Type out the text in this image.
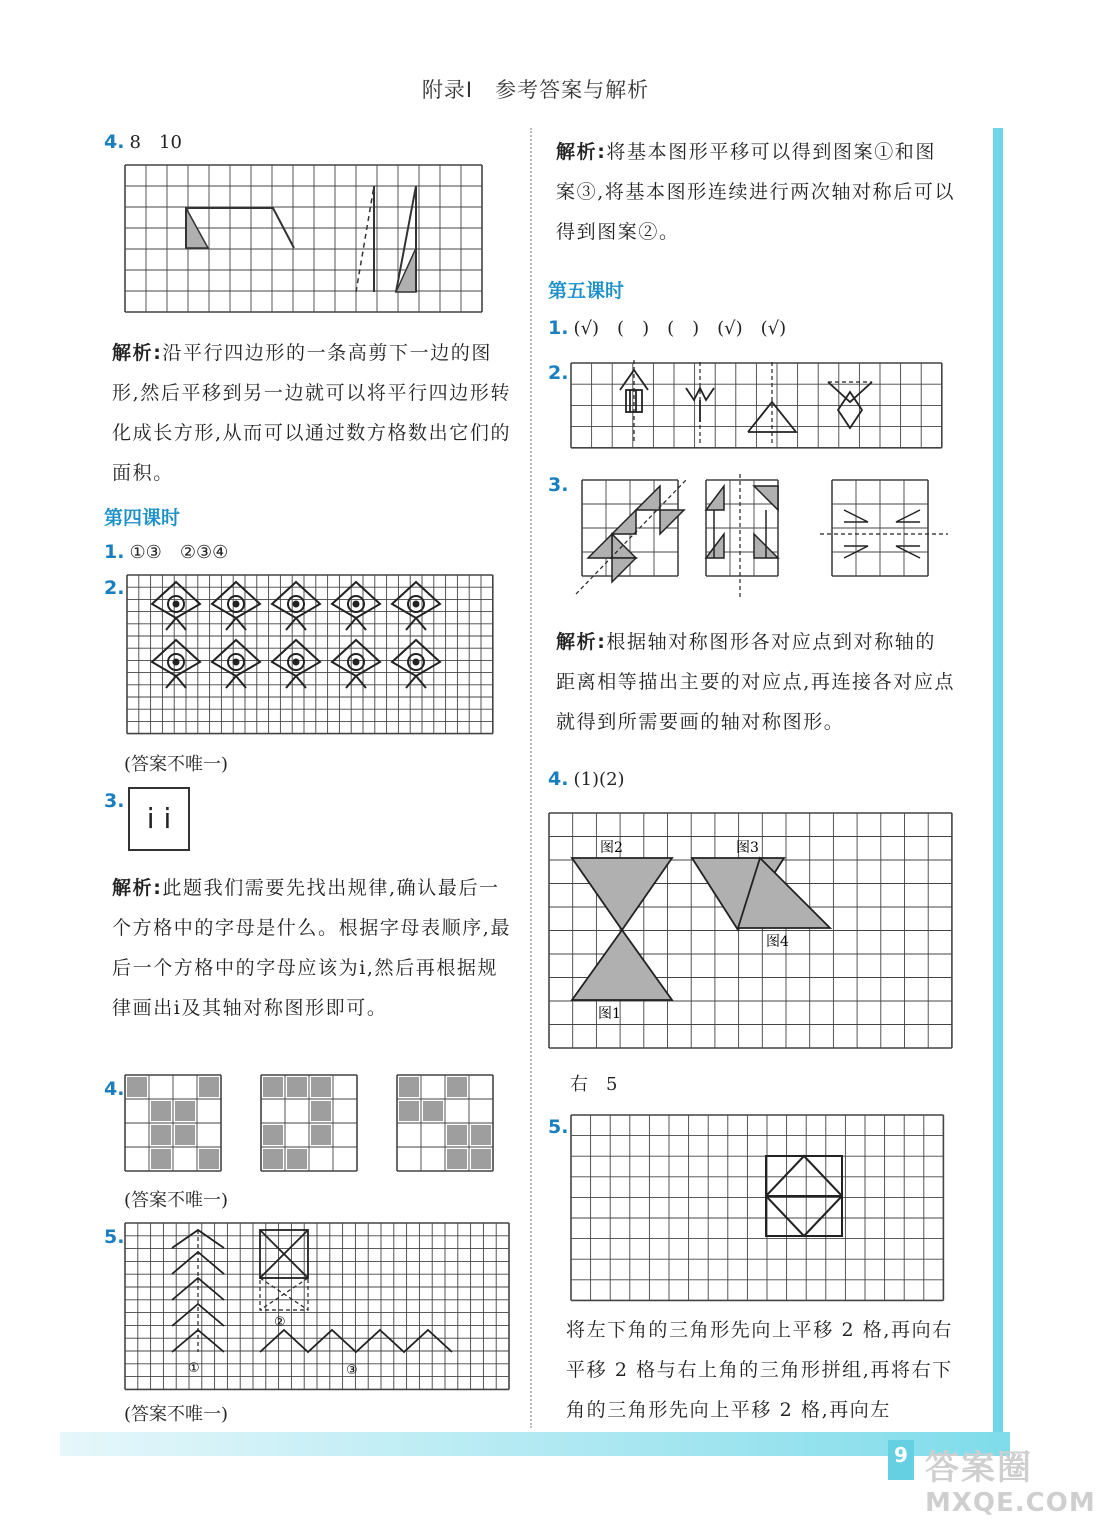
附录Ⅰ　参考答案与解析
4. 8　10
解析:沿平行四边形的一条高剪下一边的图形,然后平移到另一边就可以将平行四边形转化成长方形,从而可以通过数方格数出它们的面积。
第四课时
1. ①③　②③④
2.
(答案不唯一)
3.
i i
解析:此题我们需要先找出规律,确认最后一个方格中的字母是什么。根据字母表顺序,最后一个方格中的字母应该为i,然后再根据规律画出i及其轴对称图形即可。
4.
(答案不唯一)
5.
①
②
③
(答案不唯一)
解析:将基本图形平移可以得到图案①和图案③,将基本图形连续进行两次轴对称后可以得到图案②。
第五课时
1. (√)　(　)　(　)　(√)　(√)
2.
3.
解析:根据轴对称图形各对应点到对称轴的距离相等描出主要的对应点,再连接各对应点就得到所需要画的轴对称图形。
4. (1)(2)
图2	图3
图4
图1
右　5
5.
将左下角的三角形先向上平移 2 格,再向右平移 2 格与右上角的三角形拼组,再将右下角的三角形先向上平移 2 格,再向左
9 答案圈
MXQE.COM
